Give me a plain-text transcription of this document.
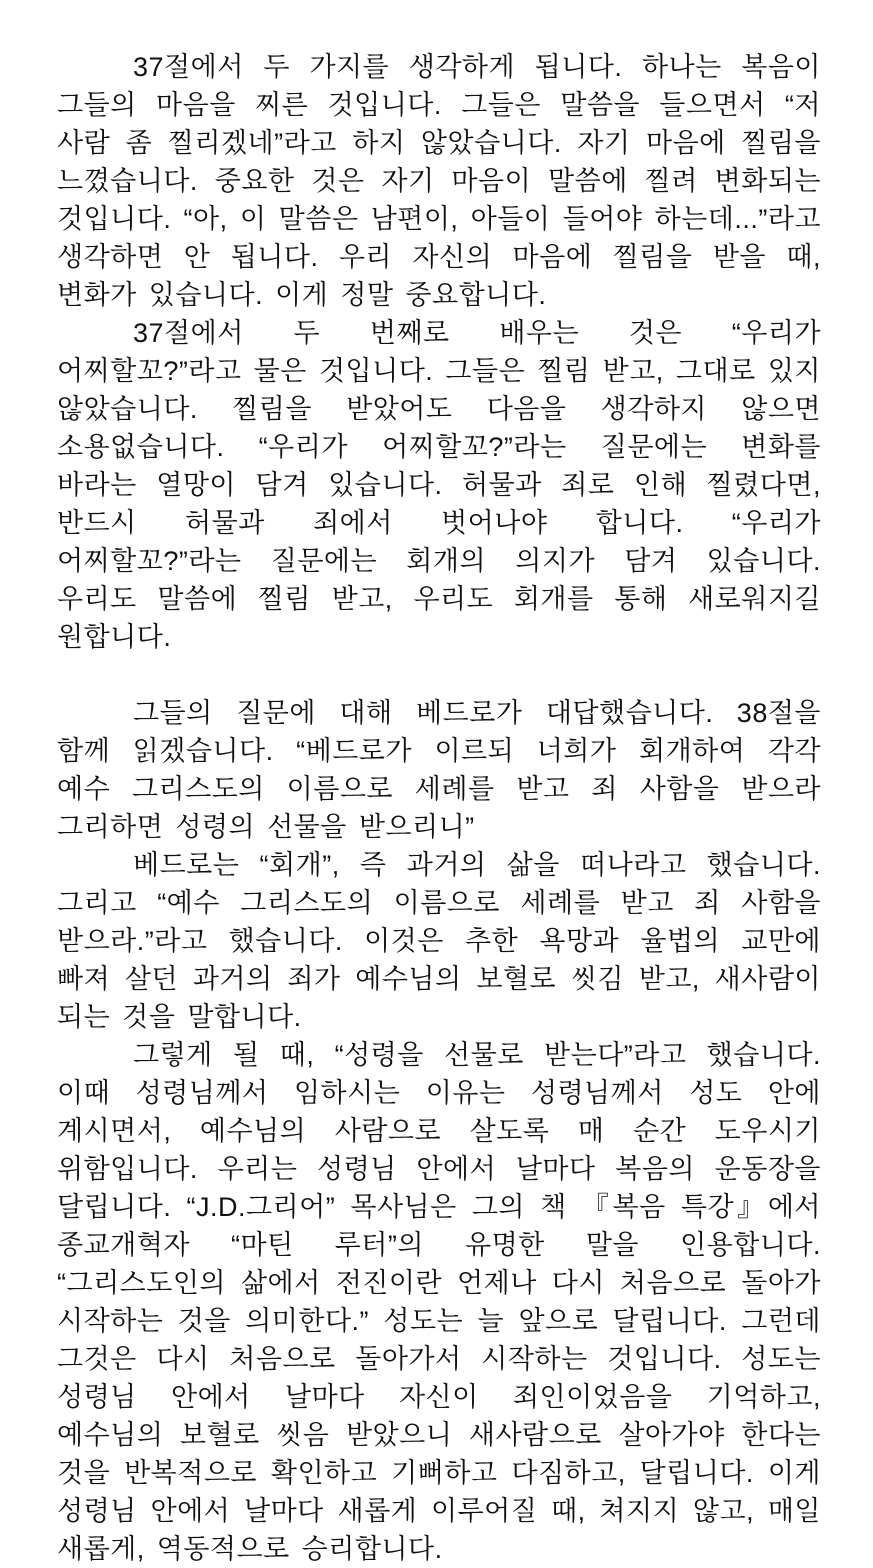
37절에서 두 가지를 생각하게 됩니다. 하나는 복음이 그들의 마음을 찌른 것입니다. 그들은 말씀을 들으면서 “저 사람 좀 찔리겠네”라고 하지 않았습니다. 자기 마음에 찔림을 느꼈습니다. 중요한 것은 자기 마음이 말씀에 찔려 변화되는 것입니다. “아, 이 말씀은 남편이, 아들이 들어야 하는데...”라고 생각하면 안 됩니다. 우리 자신의 마음에 찔림을 받을 때, 변화가 있습니다. 이게 정말 중요합니다.

37절에서 두 번째로 배우는 것은 “우리가 어찌할꼬?”라고 물은 것입니다. 그들은 찔림 받고, 그대로 있지 않았습니다. 찔림을 받았어도 다음을 생각하지 않으면 소용없습니다. “우리가 어찌할꼬?”라는 질문에는 변화를 바라는 열망이 담겨 있습니다. 허물과 죄로 인해 찔렸다면, 반드시 허물과 죄에서 벗어나야 합니다. “우리가 어찌할꼬?”라는 질문에는 회개의 의지가 담겨 있습니다. 우리도 말씀에 찔림 받고, 우리도 회개를 통해 새로워지길 원합니다.

그들의 질문에 대해 베드로가 대답했습니다. 38절을 함께 읽겠습니다. “베드로가 이르되 너희가 회개하여 각각 예수 그리스도의 이름으로 세례를 받고 죄 사함을 받으라 그리하면 성령의 선물을 받으리니”

베드로는 “회개”, 즉 과거의 삶을 떠나라고 했습니다. 그리고 “예수 그리스도의 이름으로 세례를 받고 죄 사함을 받으라.”라고 했습니다. 이것은 추한 욕망과 율법의 교만에 빠져 살던 과거의 죄가 예수님의 보혈로 씻김 받고, 새사람이 되는 것을 말합니다.

그렇게 될 때, “성령을 선물로 받는다”라고 했습니다. 이때 성령님께서 임하시는 이유는 성령님께서 성도 안에 계시면서, 예수님의 사람으로 살도록 매 순간 도우시기 위함입니다. 우리는 성령님 안에서 날마다 복음의 운동장을 달립니다. “J.D.그리어” 목사님은 그의 책 『복음 특강』에서 종교개혁자 “마틴 루터”의 유명한 말을 인용합니다. “그리스도인의 삶에서 전진이란 언제나 다시 처음으로 돌아가 시작하는 것을 의미한다.” 성도는 늘 앞으로 달립니다. 그런데 그것은 다시 처음으로 돌아가서 시작하는 것입니다. 성도는 성령님 안에서 날마다 자신이 죄인이었음을 기억하고, 예수님의 보혈로 씻음 받았으니 새사람으로 살아가야 한다는 것을 반복적으로 확인하고 기뻐하고 다짐하고, 달립니다. 이게 성령님 안에서 날마다 새롭게 이루어질 때, 쳐지지 않고, 매일 새롭게, 역동적으로 승리합니다.
